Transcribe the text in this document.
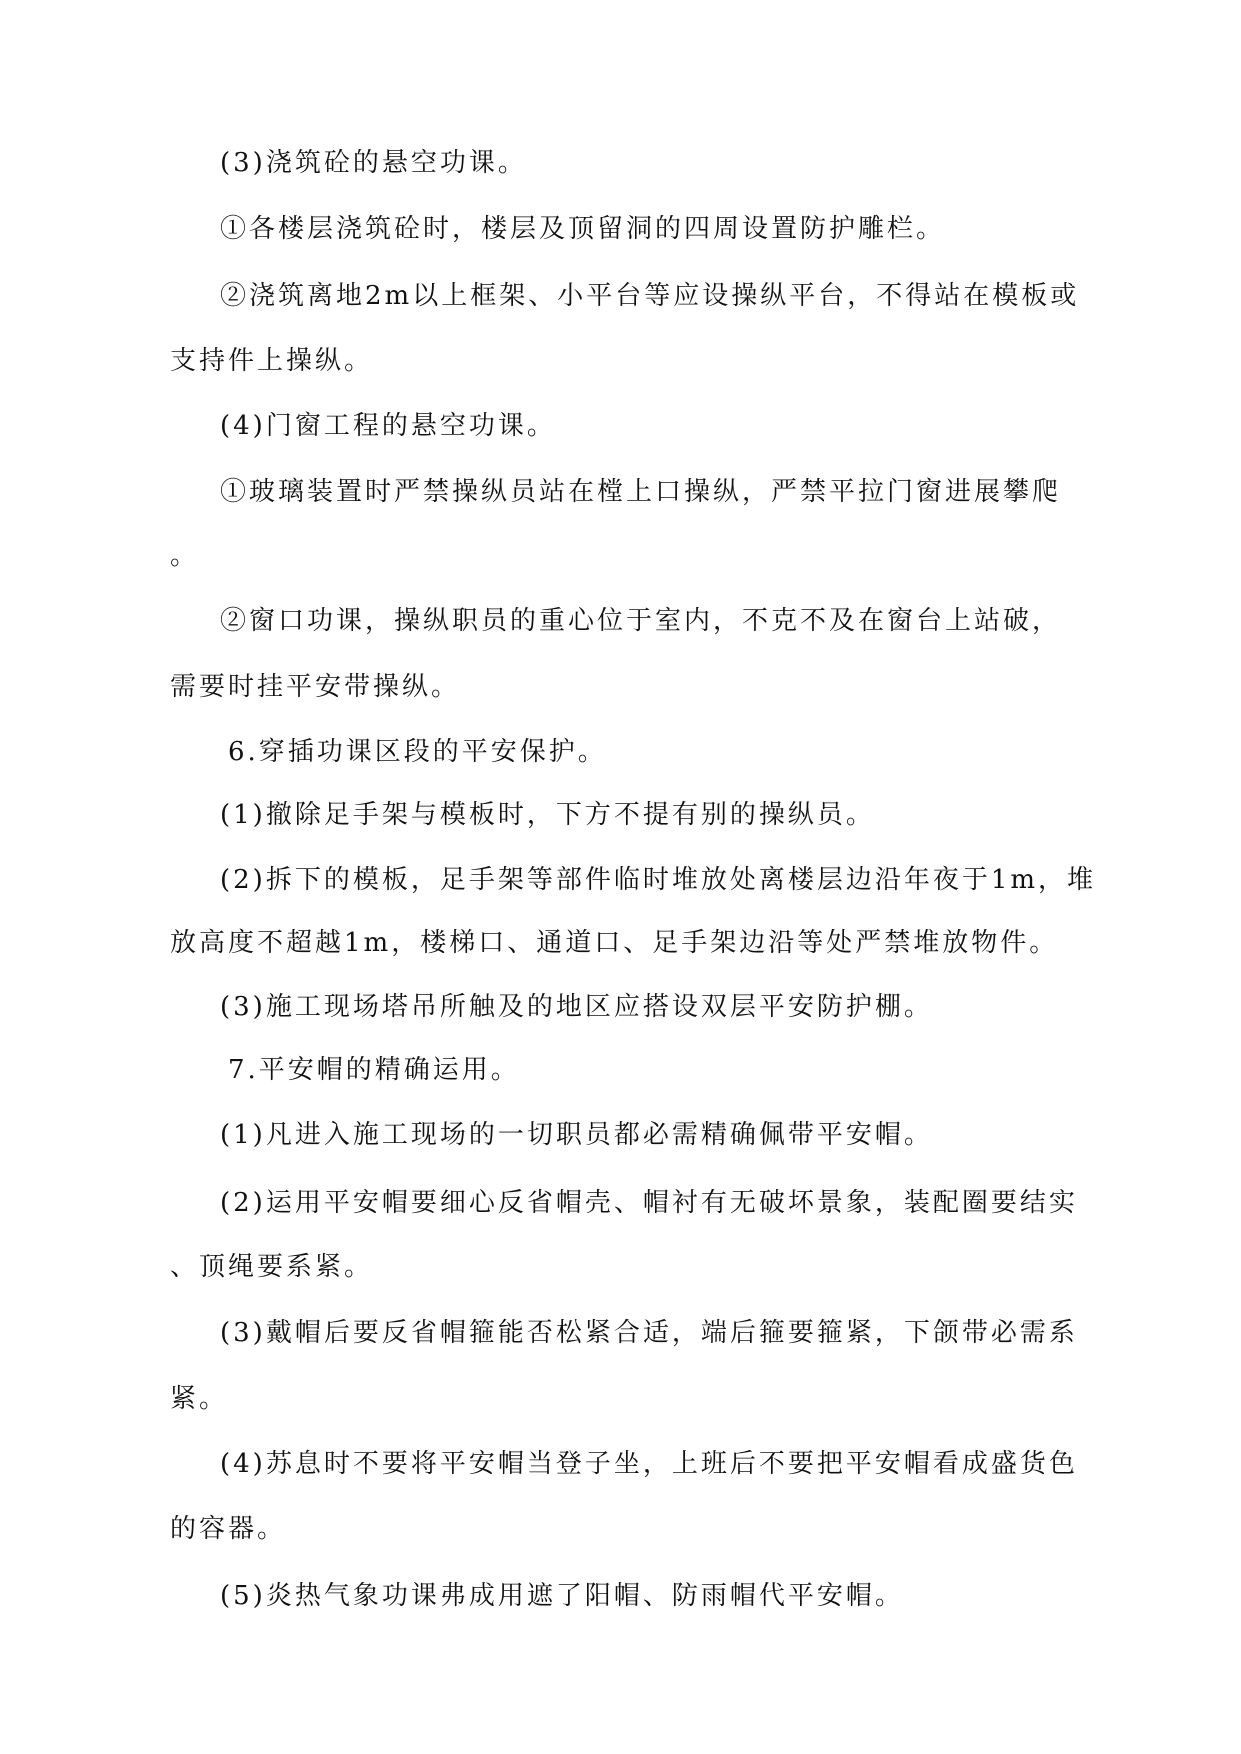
(3)浇筑砼的悬空功课。
①各楼层浇筑砼时，楼层及顶留洞的四周设置防护雕栏。
②浇筑离地2m以上框架、小平台等应设操纵平台，不得站在模板或
支持件上操纵。
(4)门窗工程的悬空功课。
①玻璃装置时严禁操纵员站在樘上口操纵，严禁平拉门窗进展攀爬
。
②窗口功课，操纵职员的重心位于室内，不克不及在窗台上站破，
需要时挂平安带操纵。
6.穿插功课区段的平安保护。
(1)撤除足手架与模板时，下方不提有别的操纵员。
(2)拆下的模板，足手架等部件临时堆放处离楼层边沿年夜于1m，堆
放高度不超越1m，楼梯口、通道口、足手架边沿等处严禁堆放物件。
(3)施工现场塔吊所触及的地区应搭设双层平安防护棚。
7.平安帽的精确运用。
(1)凡进入施工现场的一切职员都必需精确佩带平安帽。
(2)运用平安帽要细心反省帽壳、帽衬有无破坏景象，装配圈要结实
、顶绳要系紧。
(3)戴帽后要反省帽箍能否松紧合适，端后箍要箍紧，下颌带必需系
紧。
(4)苏息时不要将平安帽当登子坐，上班后不要把平安帽看成盛货色
的容器。
(5)炎热气象功课弗成用遮了阳帽、防雨帽代平安帽。
